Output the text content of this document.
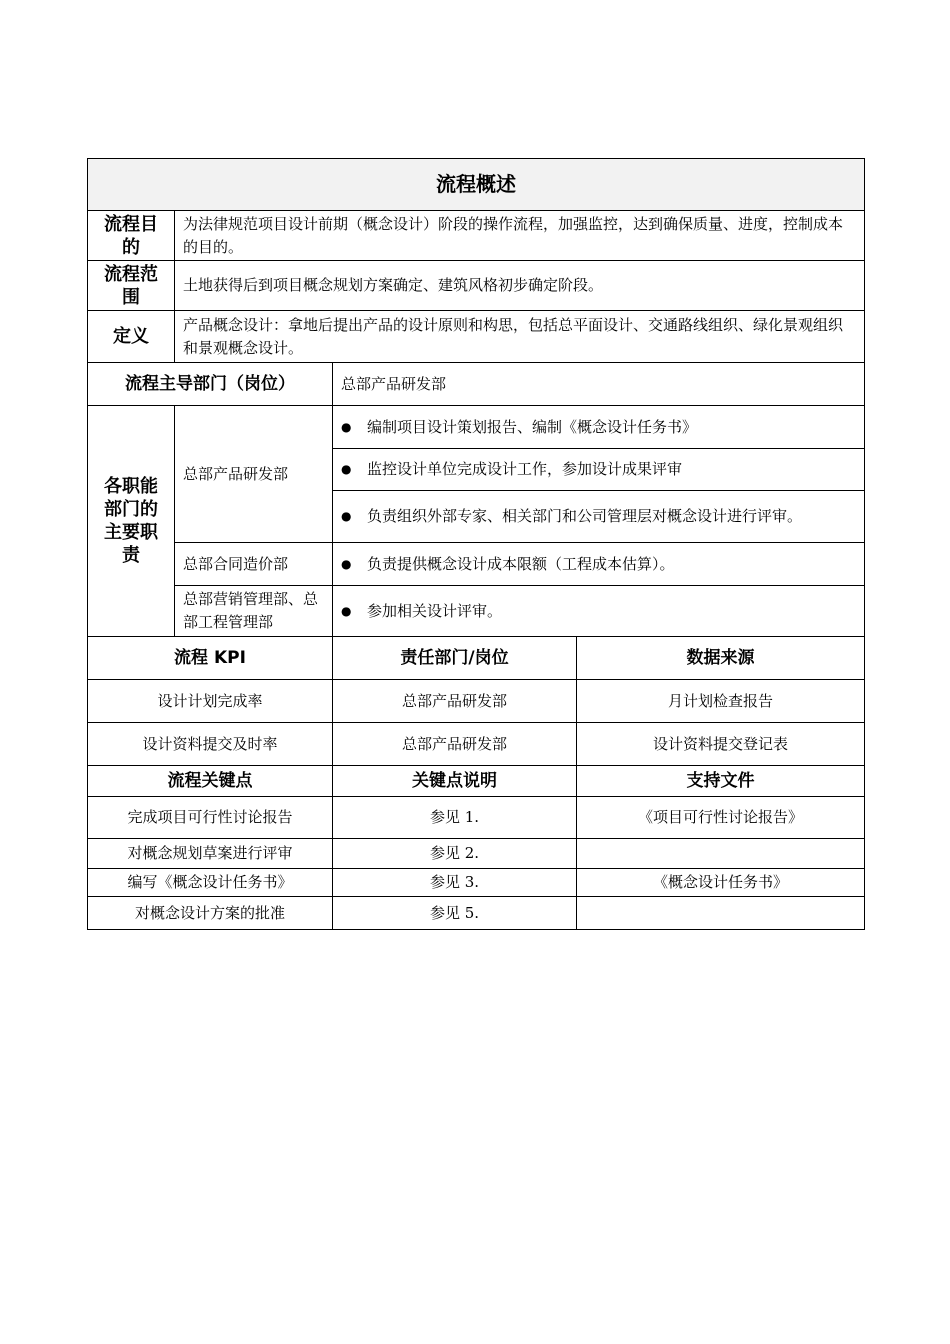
流程概述			
流程目的	为法律规范项目设计前期（概念设计）阶段的操作流程，加强监控，达到确保质量、进度，控制成本的目的。		
流程范围	土地获得后到项目概念规划方案确定、建筑风格初步确定阶段。		
定义	产品概念设计：拿地后提出产品的设计原则和构思，包括总平面设计、交通路线组织、绿化景观组织和景观概念设计。		
流程主导部门（岗位）		总部产品研发部	
各职能部门的主要职责	总部产品研发部	● 编制项目设计策划报告、编制《概念设计任务书》	

		● 监控设计单位完成设计工作，参加设计成果评审	

		● 负责组织外部专家、相关部门和公司管理层对概念设计进行评审。	

	总部合同造价部	● 负责提供概念设计成本限额（工程成本估算）。	

	总部营销管理部、总部工程管理部	● 参加相关设计评审。	

流程 KPI		责任部门/岗位	数据来源
设计计划完成率		总部产品研发部	月计划检查报告
设计资料提交及时率		总部产品研发部	设计资料提交登记表
流程关键点		关键点说明	支持文件
完成项目可行性讨论报告		参见 1.	《项目可行性讨论报告》
对概念规划草案进行评审		参见 2.	
编写《概念设计任务书》		参见 3.	《概念设计任务书》
对概念设计方案的批准		参见 5.	
